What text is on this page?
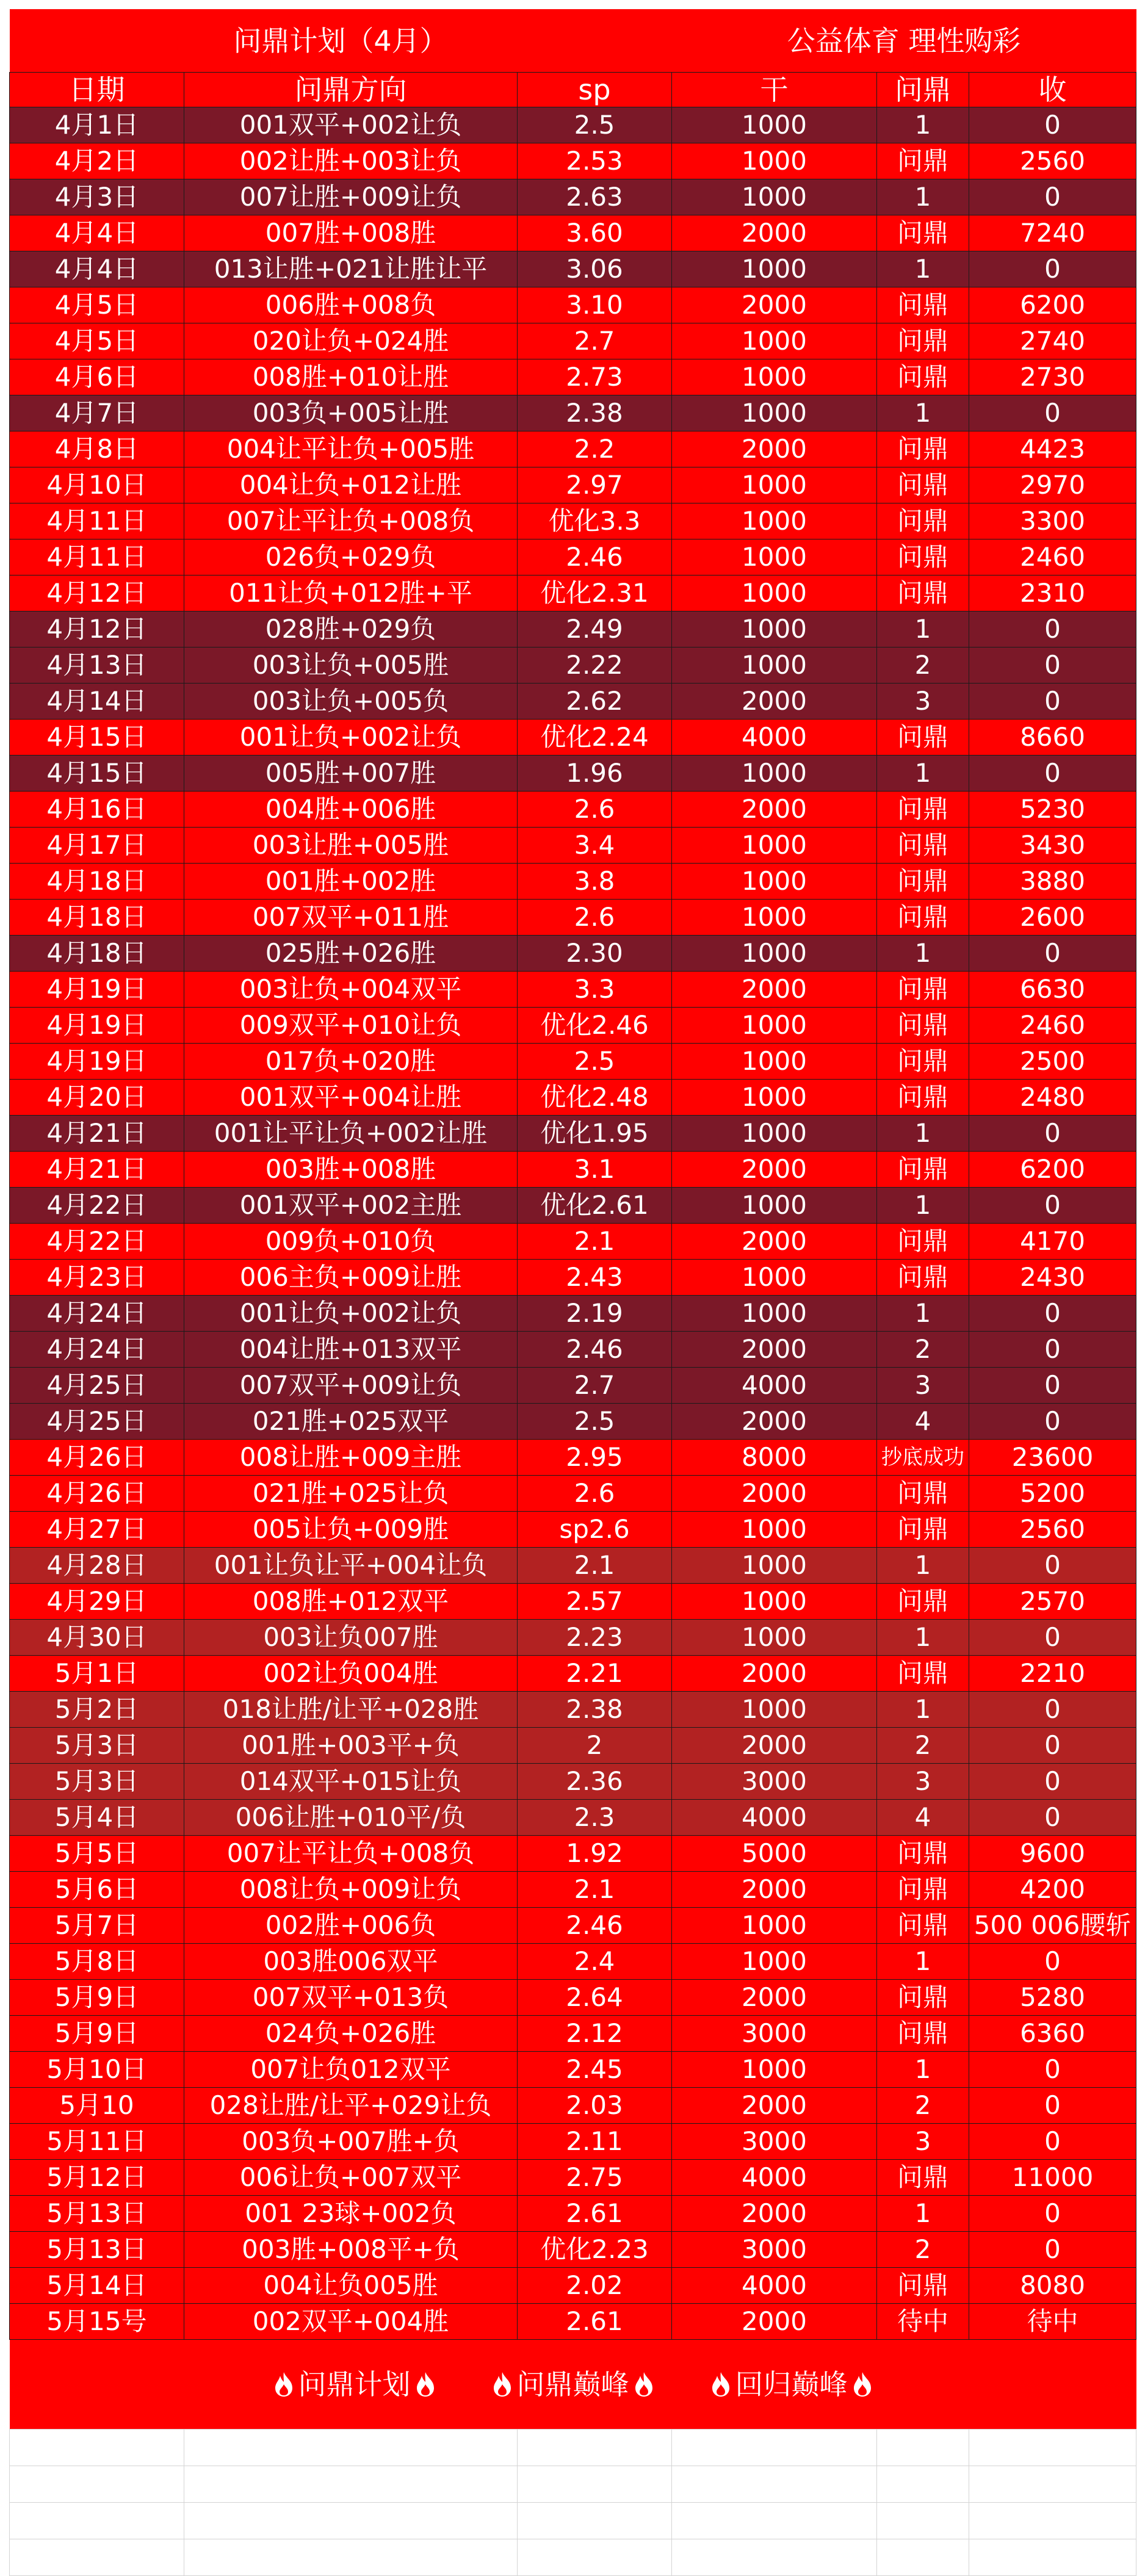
问鼎计划（4月）			公益体育 理性购彩		
日期	问鼎方向	sp	干	问鼎	收
4月1日	001双平+002让负	2.5	1000	1	0
4月2日	002让胜+003让负	2.53	1000	问鼎	2560
4月3日	007让胜+009让负	2.63	1000	1	0
4月4日	007胜+008胜	3.60	2000	问鼎	7240
4月4日	013让胜+021让胜让平	3.06	1000	1	0
4月5日	006胜+008负	3.10	2000	问鼎	6200
4月5日	020让负+024胜	2.7	1000	问鼎	2740
4月6日	008胜+010让胜	2.73	1000	问鼎	2730
4月7日	003负+005让胜	2.38	1000	1	0
4月8日	004让平让负+005胜	2.2	2000	问鼎	4423
4月10日	004让负+012让胜	2.97	1000	问鼎	2970
4月11日	007让平让负+008负	优化3.3	1000	问鼎	3300
4月11日	026负+029负	2.46	1000	问鼎	2460
4月12日	011让负+012胜+平	优化2.31	1000	问鼎	2310
4月12日	028胜+029负	2.49	1000	1	0
4月13日	003让负+005胜	2.22	1000	2	0
4月14日	003让负+005负	2.62	2000	3	0
4月15日	001让负+002让负	优化2.24	4000	问鼎	8660
4月15日	005胜+007胜	1.96	1000	1	0
4月16日	004胜+006胜	2.6	2000	问鼎	5230
4月17日	003让胜+005胜	3.4	1000	问鼎	3430
4月18日	001胜+002胜	3.8	1000	问鼎	3880
4月18日	007双平+011胜	2.6	1000	问鼎	2600
4月18日	025胜+026胜	2.30	1000	1	0
4月19日	003让负+004双平	3.3	2000	问鼎	6630
4月19日	009双平+010让负	优化2.46	1000	问鼎	2460
4月19日	017负+020胜	2.5	1000	问鼎	2500
4月20日	001双平+004让胜	优化2.48	1000	问鼎	2480
4月21日	001让平让负+002让胜	优化1.95	1000	1	0
4月21日	003胜+008胜	3.1	2000	问鼎	6200
4月22日	001双平+002主胜	优化2.61	1000	1	0
4月22日	009负+010负	2.1	2000	问鼎	4170
4月23日	006主负+009让胜	2.43	1000	问鼎	2430
4月24日	001让负+002让负	2.19	1000	1	0
4月24日	004让胜+013双平	2.46	2000	2	0
4月25日	007双平+009让负	2.7	4000	3	0
4月25日	021胜+025双平	2.5	2000	4	0
4月26日	008让胜+009主胜	2.95	8000	抄底成功	23600
4月26日	021胜+025让负	2.6	2000	问鼎	5200
4月27日	005让负+009胜	sp2.6	1000	问鼎	2560
4月28日	001让负让平+004让负	2.1	1000	1	0
4月29日	008胜+012双平	2.57	1000	问鼎	2570
4月30日	003让负007胜	2.23	1000	1	0
5月1日	002让负004胜	2.21	2000	问鼎	2210
5月2日	018让胜/让平+028胜	2.38	1000	1	0
5月3日	001胜+003平+负	2	2000	2	0
5月3日	014双平+015让负	2.36	3000	3	0
5月4日	006让胜+010平/负	2.3	4000	4	0
5月5日	007让平让负+008负	1.92	5000	问鼎	9600
5月6日	008让负+009让负	2.1	2000	问鼎	4200
5月7日	002胜+006负	2.46	1000	问鼎	500 006腰斩
5月8日	003胜006双平	2.4	1000	1	0
5月9日	007双平+013负	2.64	2000	问鼎	5280
5月9日	024负+026胜	2.12	3000	问鼎	6360
5月10日	007让负012双平	2.45	1000	1	0
5月10	028让胜/让平+029让负	2.03	2000	2	0
5月11日	003负+007胜+负	2.11	3000	3	0
5月12日	006让负+007双平	2.75	4000	问鼎	11000
5月13日	001 23球+002负	2.61	2000	1	0
5月13日	003胜+008平+负	优化2.23	3000	2	0
5月14日	004让负005胜	2.02	4000	问鼎	8080
5月15号	002双平+004胜	2.61	2000	待中	待中

问鼎计划 问鼎巅峰 回归巅峰					
